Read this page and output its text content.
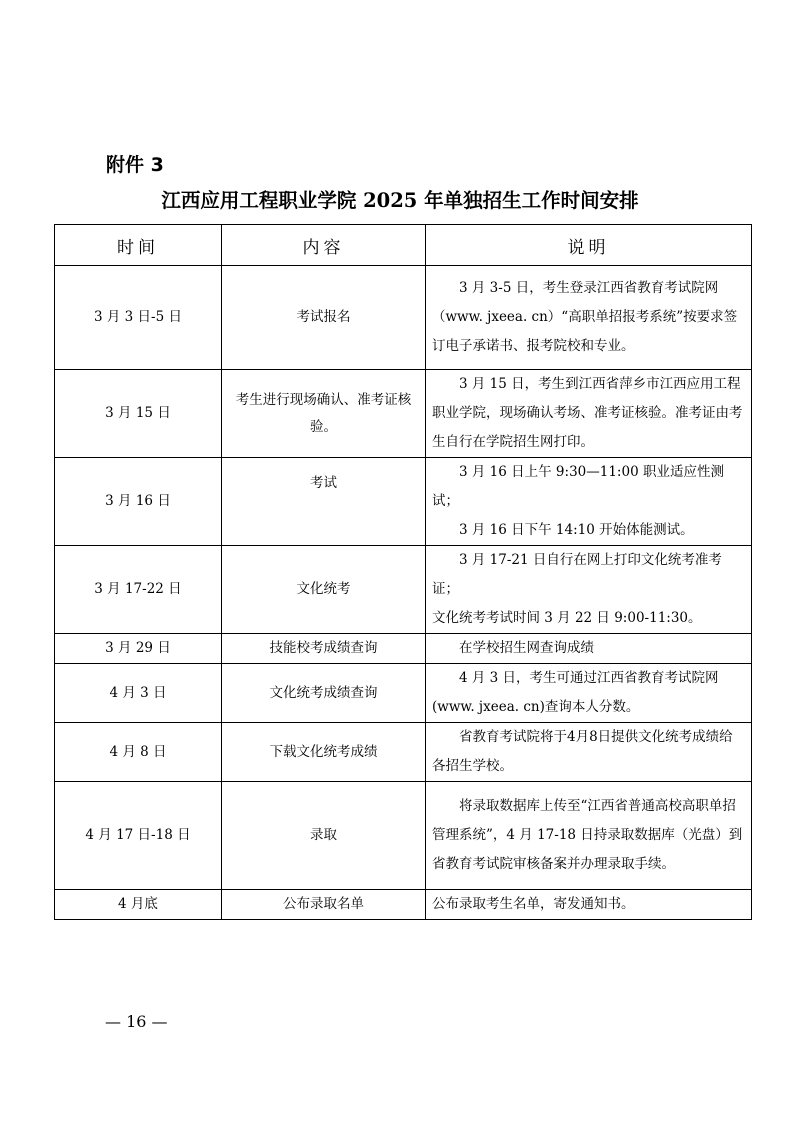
附件 3
江西应用工程职业学院 2025 年单独招生工作时间安排
时间	内容	说明
3 月 3 日-5 日	考试报名	3 月 3-5 日，考生登录江西省教育考试院网（www. jxeea. cn）“高职单招报考系统”按要求签订电子承诺书、报考院校和专业。
3 月 15 日	考生进行现场确认、准考证核验。	3 月 15 日，考生到江西省萍乡市江西应用工程职业学院，现场确认考场、准考证核验。准考证由考生自行在学院招生网打印。
3 月 16 日	考试	3 月 16 日上午 9:30—11:00 职业适应性测试；
3 月 16 日下午 14:10 开始体能测试。

3 月 17-22 日	文化统考	3 月 17-21 日自行在网上打印文化统考准考证；
文化统考考试时间 3 月 22 日 9:00-11:30。

3 月 29 日	技能校考成绩查询	在学校招生网查询成绩
4 月 3 日	文化统考成绩查询	4 月 3 日，考生可通过江西省教育考试院网(www. jxeea. cn)查询本人分数。
4 月 8 日	下载文化统考成绩	省教育考试院将于4月8日提供文化统考成绩给各招生学校。
4 月 17 日-18 日	录取	将录取数据库上传至“江西省普通高校高职单招管理系统”，4 月 17-18 日持录取数据库（光盘）到省教育考试院审核备案并办理录取手续。
4 月底	公布录取名单	公布录取考生名单，寄发通知书。
— 16 —
